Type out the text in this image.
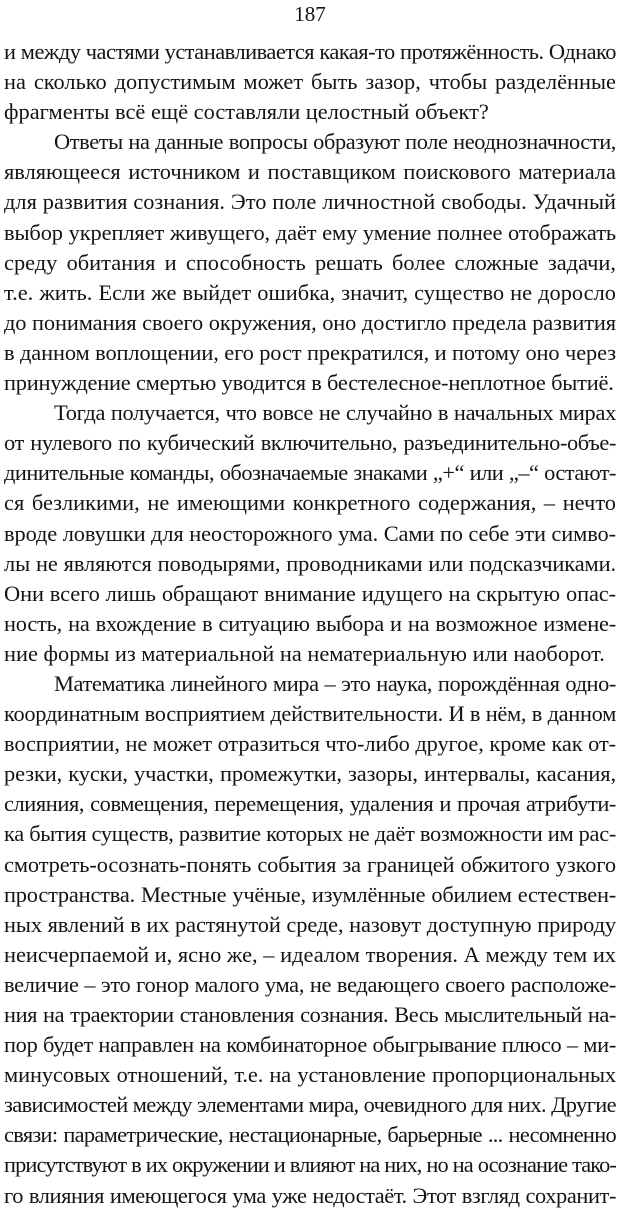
187
и между частями устанавливается какая-то протяжённость. Однако
на сколько допустимым может быть зазор, чтобы разделённые
фрагменты всё ещё составляли целостный объект?
Ответы на данные вопросы образуют поле неоднозначности,
являющееся источником и поставщиком поискового материала
для развития сознания. Это поле личностной свободы. Удачный
выбор укрепляет живущего, даёт ему умение полнее отображать
среду обитания и способность решать более сложные задачи,
т.е. жить. Если же выйдет ошибка, значит, существо не доросло
до понимания своего окружения, оно достигло предела развития
в данном воплощении, его рост прекратился, и потому оно через
принуждение смертью уводится в бестелесное-неплотное бытиё.
Тогда получается, что вовсе не случайно в начальных мирах
от нулевого по кубический включительно, разъединительно-объе-
динительные команды, обозначаемые знаками „+“ или „–“ остают-
ся безликими, не имеющими конкретного содержания, – нечто
вроде ловушки для неосторожного ума. Сами по себе эти симво-
лы не являются поводырями, проводниками или подсказчиками.
Они всего лишь обращают внимание идущего на скрытую опас-
ность, на вхождение в ситуацию выбора и на возможное измене-
ние формы из материальной на нематериальную или наоборот.
Математика линейного мира – это наука, порождённая одно-
координатным восприятием действительности. И в нём, в данном
восприятии, не может отразиться что-либо другое, кроме как от-
резки, куски, участки, промежутки, зазоры, интервалы, касания,
слияния, совмещения, перемещения, удаления и прочая атрибути-
ка бытия существ, развитие которых не даёт возможности им рас-
смотреть-осознать-понять события за границей обжитого узкого
пространства. Местные учёные, изумлённые обилием естествен-
ных явлений в их растянутой среде, назовут доступную природу
неисчерпаемой и, ясно же, – идеалом творения. А между тем их
величие – это гонор малого ума, не ведающего своего расположе-
ния на траектории становления сознания. Весь мыслительный на-
пор будет направлен на комбинаторное обыгрывание плюсо – ми-
минусовых отношений, т.е. на установление пропорциональных
зависимостей между элементами мира, очевидного для них. Другие
связи: параметрические, нестационарные, барьерные ... несомненно
присутствуют в их окружении и влияют на них, но на осознание тако-
го влияния имеющегося ума уже недостаёт. Этот взгляд сохранит-
